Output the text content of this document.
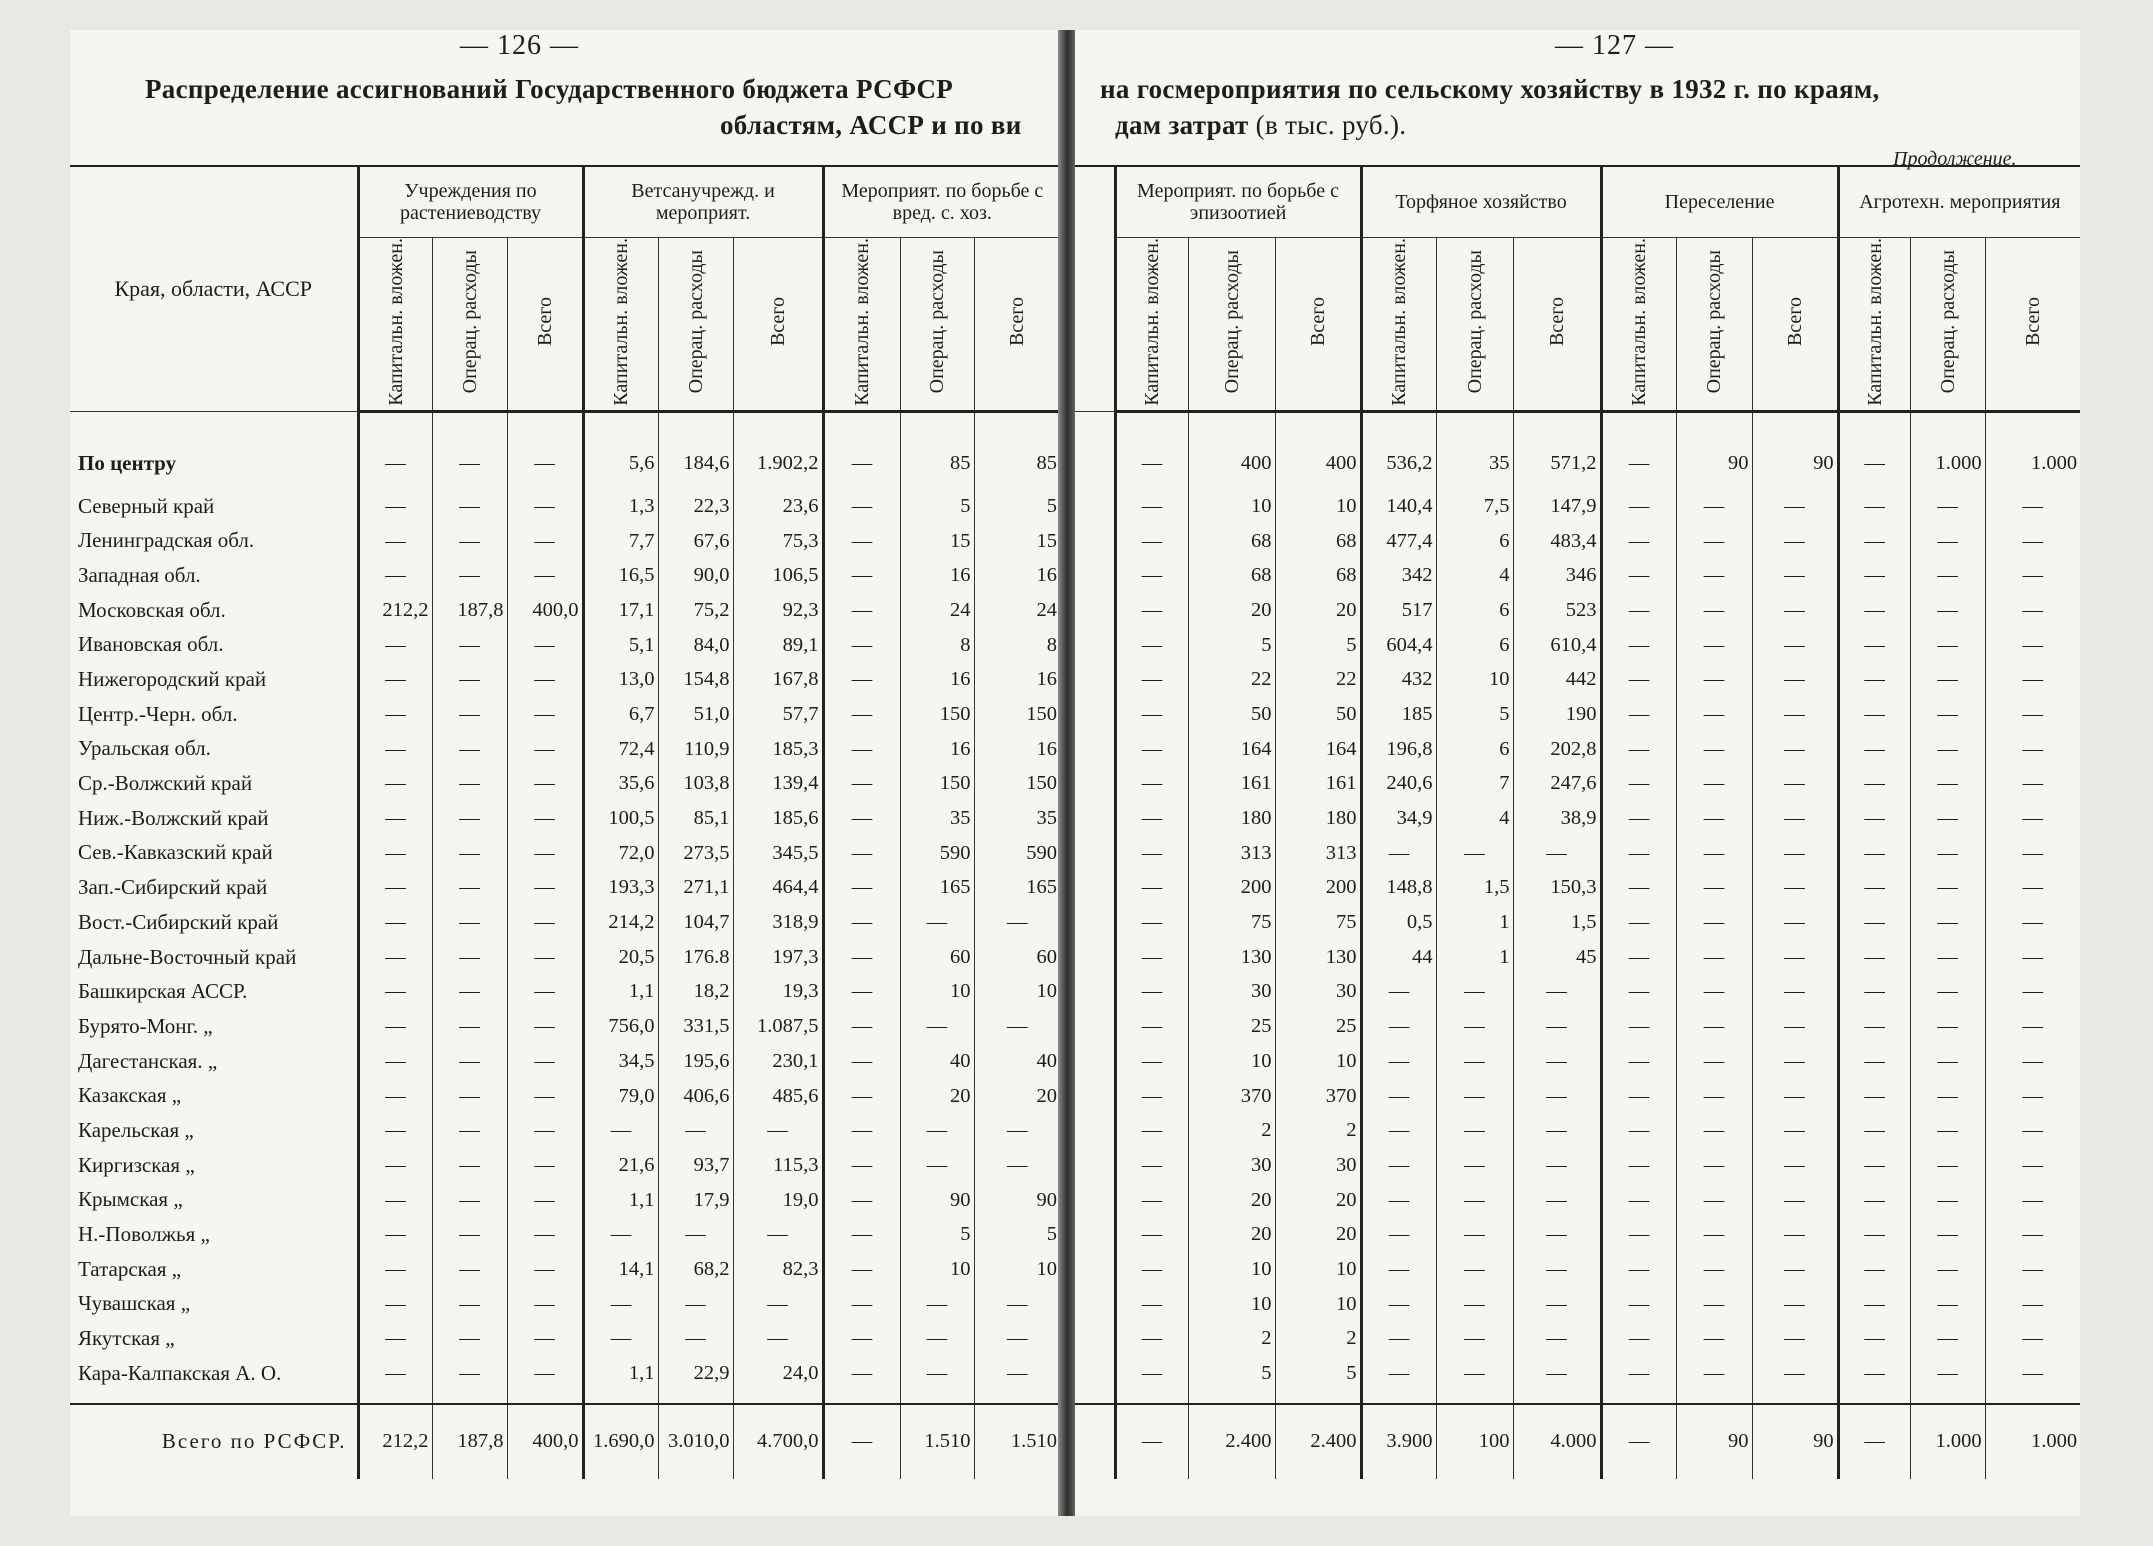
— 126 —
Распределение ассигнований Государственного бюджета РСФСР
областям, АССР и по ви
Края, области, АССР	Учреждения по растениеводству			Ветсанучрежд. и мероприят.			Мероприят. по борьбе с вред. с. хоз.		
	Капитальн. вложен.	Операц. расходы	Всего	Капитальн. вложен.	Операц. расходы	Всего	Капитальн. вложен.	Операц. расходы	Всего
По центру	—	—	—	5,6	184,6	1.902,2	—	85	85
Северный край	—	—	—	1,3	22,3	23,6	—	5	5
Ленинградская обл.	—	—	—	7,7	67,6	75,3	—	15	15
Западная обл.	—	—	—	16,5	90,0	106,5	—	16	16
Московская обл.	212,2	187,8	400,0	17,1	75,2	92,3	—	24	24
Ивановская обл.	—	—	—	5,1	84,0	89,1	—	8	8
Нижегородский край	—	—	—	13,0	154,8	167,8	—	16	16
Центр.-Черн. обл.	—	—	—	6,7	51,0	57,7	—	150	150
Уральская обл.	—	—	—	72,4	110,9	185,3	—	16	16
Ср.-Волжский край	—	—	—	35,6	103,8	139,4	—	150	150
Ниж.-Волжский край	—	—	—	100,5	85,1	185,6	—	35	35
Сев.-Кавказский край	—	—	—	72,0	273,5	345,5	—	590	590
Зап.-Сибирский край	—	—	—	193,3	271,1	464,4	—	165	165
Вост.-Сибирский край	—	—	—	214,2	104,7	318,9	—	—	—
Дальне-Восточный край	—	—	—	20,5	176.8	197,3	—	60	60
Башкирская АССР.	—	—	—	1,1	18,2	19,3	—	10	10
Бурято-Монг. „	—	—	—	756,0	331,5	1.087,5	—	—	—
Дагестанская. „	—	—	—	34,5	195,6	230,1	—	40	40
Казакская „	—	—	—	79,0	406,6	485,6	—	20	20
Карельская „	—	—	—	—	—	—	—	—	—
Киргизская „	—	—	—	21,6	93,7	115,3	—	—	—
Крымская „	—	—	—	1,1	17,9	19,0	—	90	90
Н.-Поволжья „	—	—	—	—	—	—	—	5	5
Татарская „	—	—	—	14,1	68,2	82,3	—	10	10
Чувашская „	—	—	—	—	—	—	—	—	—
Якутская „	—	—	—	—	—	—	—	—	—
Кара-Калпакская А. О.	—	—	—	1,1	22,9	24,0	—	—	—

Всего по РСФСР.	212,2	187,8	400,0	1.690,0	3.010,0	4.700,0	—	1.510	1.510
— 127 —
на госмероприятия по сельскому хозяйству в 1932 г. по краям,
дам затрат (в тыс. руб.).
Продолжение.
	Мероприят. по борьбе с эпизоотией			Торфяное хозяйство			Переселение			Агротехн. мероприятия		
	Капитальн. вложен.	Операц. расходы	Всего	Капитальн. вложен.	Операц. расходы	Всего	Капитальн. вложен.	Операц. расходы	Всего	Капитальн. вложен.	Операц. расходы	Всего
	—	400	400	536,2	35	571,2	—	90	90	—	1.000	1.000
	—	10	10	140,4	7,5	147,9	—	—	—	—	—	—
	—	68	68	477,4	6	483,4	—	—	—	—	—	—
	—	68	68	342	4	346	—	—	—	—	—	—
	—	20	20	517	6	523	—	—	—	—	—	—
	—	5	5	604,4	6	610,4	—	—	—	—	—	—
	—	22	22	432	10	442	—	—	—	—	—	—
	—	50	50	185	5	190	—	—	—	—	—	—
	—	164	164	196,8	6	202,8	—	—	—	—	—	—
	—	161	161	240,6	7	247,6	—	—	—	—	—	—
	—	180	180	34,9	4	38,9	—	—	—	—	—	—
	—	313	313	—	—	—	—	—	—	—	—	—
	—	200	200	148,8	1,5	150,3	—	—	—	—	—	—
	—	75	75	0,5	1	1,5	—	—	—	—	—	—
	—	130	130	44	1	45	—	—	—	—	—	—
	—	30	30	—	—	—	—	—	—	—	—	—
	—	25	25	—	—	—	—	—	—	—	—	—
	—	10	10	—	—	—	—	—	—	—	—	—
	—	370	370	—	—	—	—	—	—	—	—	—
	—	2	2	—	—	—	—	—	—	—	—	—
	—	30	30	—	—	—	—	—	—	—	—	—
	—	20	20	—	—	—	—	—	—	—	—	—
	—	20	20	—	—	—	—	—	—	—	—	—
	—	10	10	—	—	—	—	—	—	—	—	—
	—	10	10	—	—	—	—	—	—	—	—	—
	—	2	2	—	—	—	—	—	—	—	—	—
	—	5	5	—	—	—	—	—	—	—	—	—

	—	2.400	2.400	3.900	100	4.000	—	90	90	—	1.000	1.000
